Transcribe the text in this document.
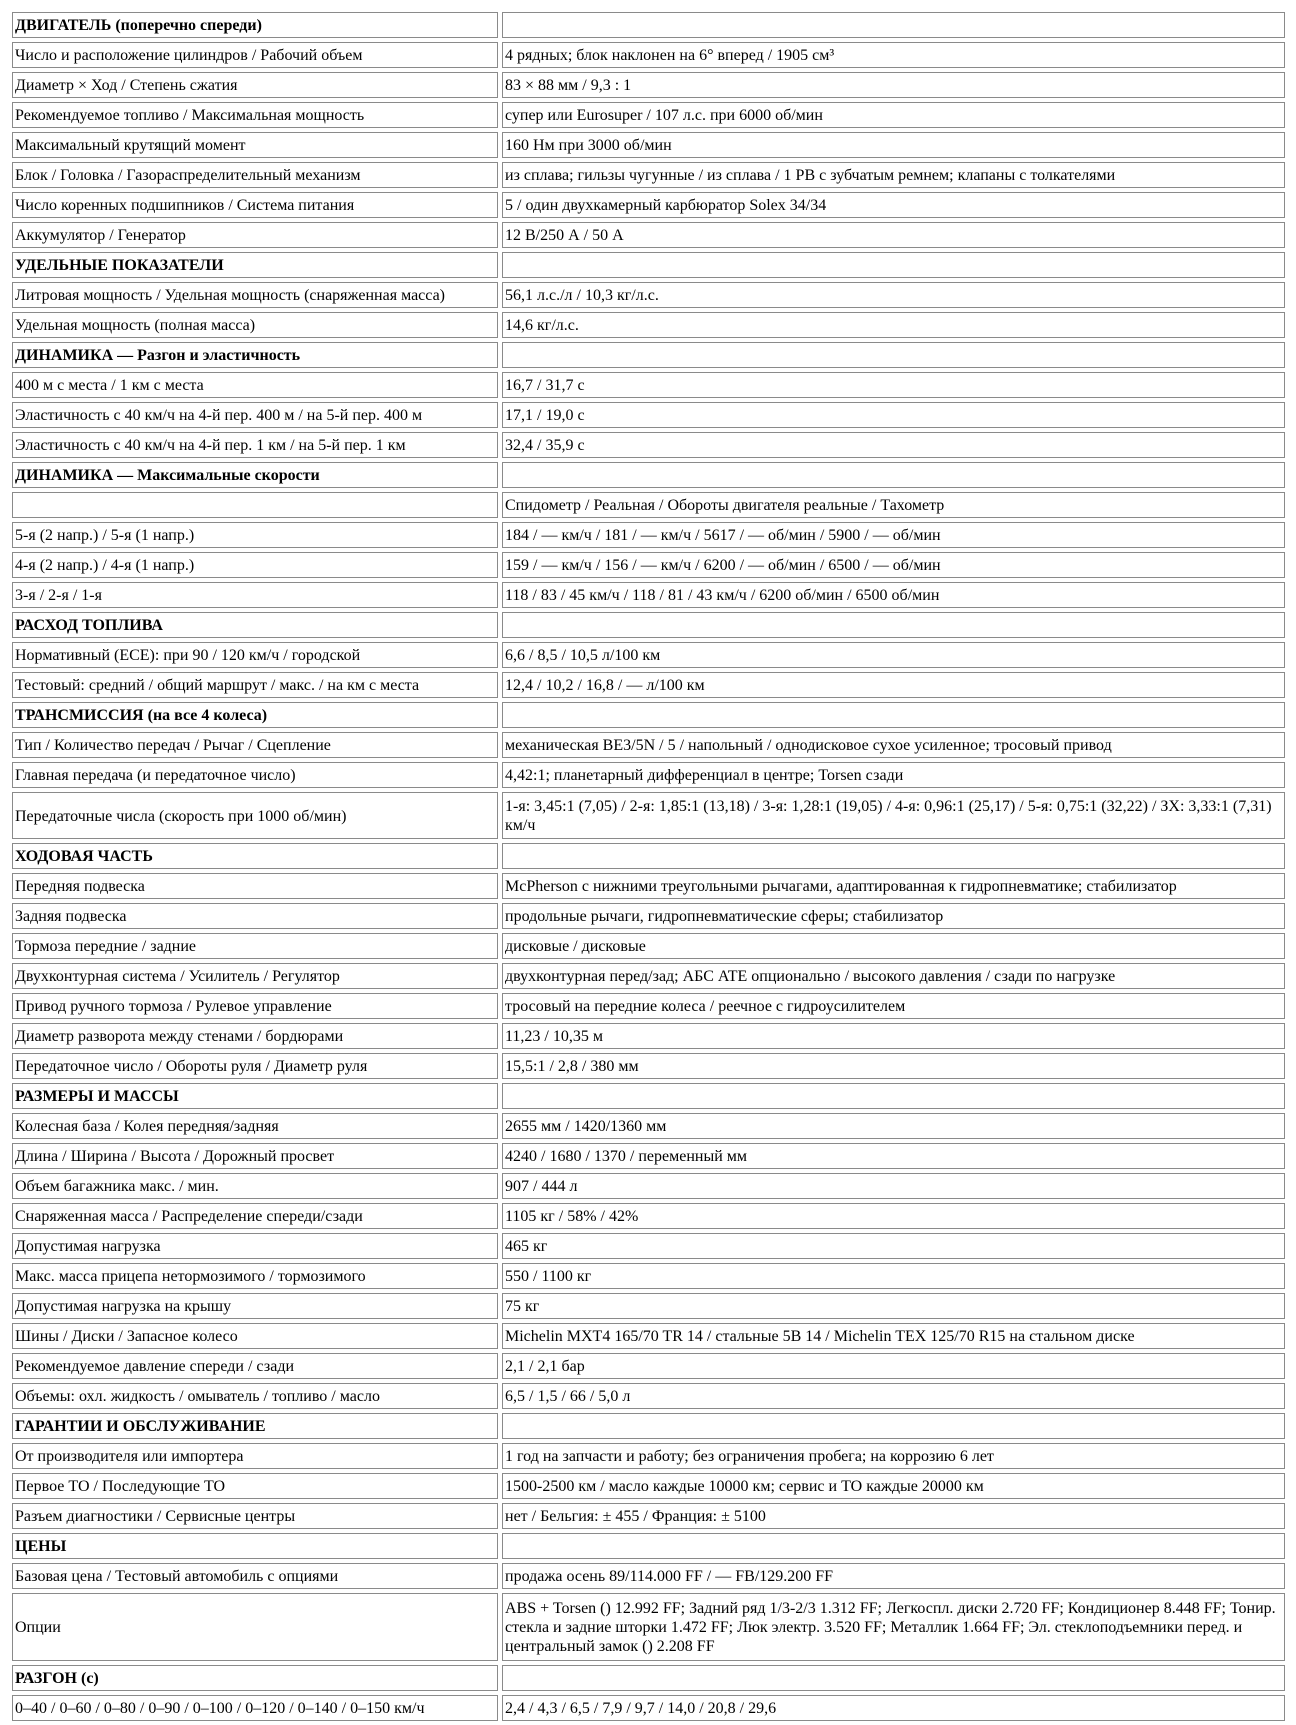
ДВИГАТЕЛЬ (поперечно спереди)	
Число и расположение цилиндров / Рабочий объем	4 рядных; блок наклонен на 6° вперед / 1905 см³
Диаметр × Ход / Степень сжатия	83 × 88 мм / 9,3 : 1
Рекомендуемое топливо / Максимальная мощность	супер или Eurosuper / 107 л.с. при 6000 об/мин
Максимальный крутящий момент	160 Нм при 3000 об/мин
Блок / Головка / Газораспределительный механизм	из сплава; гильзы чугунные / из сплава / 1 РВ с зубчатым ремнем; клапаны с толкателями
Число коренных подшипников / Система питания	5 / один двухкамерный карбюратор Solex 34/34
Аккумулятор / Генератор	12 В/250 А / 50 А
УДЕЛЬНЫЕ ПОКАЗАТЕЛИ	
Литровая мощность / Удельная мощность (снаряженная масса)	56,1 л.с./л / 10,3 кг/л.с.
Удельная мощность (полная масса)	14,6 кг/л.с.
ДИНАМИКА — Разгон и эластичность	
400 м с места / 1 км с места	16,7 / 31,7 с
Эластичность с 40 км/ч на 4-й пер. 400 м / на 5-й пер. 400 м	17,1 / 19,0 с
Эластичность с 40 км/ч на 4-й пер. 1 км / на 5-й пер. 1 км	32,4 / 35,9 с
ДИНАМИКА — Максимальные скорости	
	Спидометр / Реальная / Обороты двигателя реальные / Тахометр
5-я (2 напр.) / 5-я (1 напр.)	184 / — км/ч / 181 / — км/ч / 5617 / — об/мин / 5900 / — об/мин
4-я (2 напр.) / 4-я (1 напр.)	159 / — км/ч / 156 / — км/ч / 6200 / — об/мин / 6500 / — об/мин
3-я / 2-я / 1-я	118 / 83 / 45 км/ч / 118 / 81 / 43 км/ч / 6200 об/мин / 6500 об/мин
РАСХОД ТОПЛИВА	
Нормативный (ECE): при 90 / 120 км/ч / городской	6,6 / 8,5 / 10,5 л/100 км
Тестовый: средний / общий маршрут / макс. / на км с места	12,4 / 10,2 / 16,8 / — л/100 км
ТРАНСМИССИЯ (на все 4 колеса)	
Тип / Количество передач / Рычаг / Сцепление	механическая BE3/5N / 5 / напольный / однодисковое сухое усиленное; тросовый привод
Главная передача (и передаточное число)	4,42:1; планетарный дифференциал в центре; Torsen сзади
Передаточные числа (скорость при 1000 об/мин)	1-я: 3,45:1 (7,05) / 2-я: 1,85:1 (13,18) / 3-я: 1,28:1 (19,05) / 4-я: 0,96:1 (25,17) / 5-я: 0,75:1 (32,22) / ЗХ: 3,33:1 (7,31) км/ч
ХОДОВАЯ ЧАСТЬ	
Передняя подвеска	McPherson с нижними треугольными рычагами, адаптированная к гидропневматике; стабилизатор
Задняя подвеска	продольные рычаги, гидропневматические сферы; стабилизатор
Тормоза передние / задние	дисковые / дисковые
Двухконтурная система / Усилитель / Регулятор	двухконтурная перед/зад; АБС ATE опционально / высокого давления / сзади по нагрузке
Привод ручного тормоза / Рулевое управление	тросовый на передние колеса / реечное с гидроусилителем
Диаметр разворота между стенами / бордюрами	11,23 / 10,35 м
Передаточное число / Обороты руля / Диаметр руля	15,5:1 / 2,8 / 380 мм
РАЗМЕРЫ И МАССЫ	
Колесная база / Колея передняя/задняя	2655 мм / 1420/1360 мм
Длина / Ширина / Высота / Дорожный просвет	4240 / 1680 / 1370 / переменный мм
Объем багажника макс. / мин.	907 / 444 л
Снаряженная масса / Распределение спереди/сзади	1105 кг / 58% / 42%
Допустимая нагрузка	465 кг
Макс. масса прицепа нетормозимого / тормозимого	550 / 1100 кг
Допустимая нагрузка на крышу	75 кг
Шины / Диски / Запасное колесо	Michelin MXT4 165/70 TR 14 / стальные 5B 14 / Michelin TEX 125/70 R15 на стальном диске
Рекомендуемое давление спереди / сзади	2,1 / 2,1 бар
Объемы: охл. жидкость / омыватель / топливо / масло	6,5 / 1,5 / 66 / 5,0 л
ГАРАНТИИ И ОБСЛУЖИВАНИЕ	
От производителя или импортера	1 год на запчасти и работу; без ограничения пробега; на коррозию 6 лет
Первое ТО / Последующие ТО	1500-2500 км / масло каждые 10000 км; сервис и ТО каждые 20000 км
Разъем диагностики / Сервисные центры	нет / Бельгия: ± 455 / Франция: ± 5100
ЦЕНЫ	
Базовая цена / Тестовый автомобиль с опциями	продажа осень 89/114.000 FF / — FB/129.200 FF
Опции	ABS + Torsen () 12.992 FF; Задний ряд 1/3-2/3 1.312 FF; Легкоспл. диски 2.720 FF; Кондиционер 8.448 FF; Тонир. стекла и задние шторки 1.472 FF; Люк электр. 3.520 FF; Металлик 1.664 FF; Эл. стеклоподъемники перед. и центральный замок () 2.208 FF
РАЗГОН (с)	
0–40 / 0–60 / 0–80 / 0–90 / 0–100 / 0–120 / 0–140 / 0–150 км/ч	2,4 / 4,3 / 6,5 / 7,9 / 9,7 / 14,0 / 20,8 / 29,6
